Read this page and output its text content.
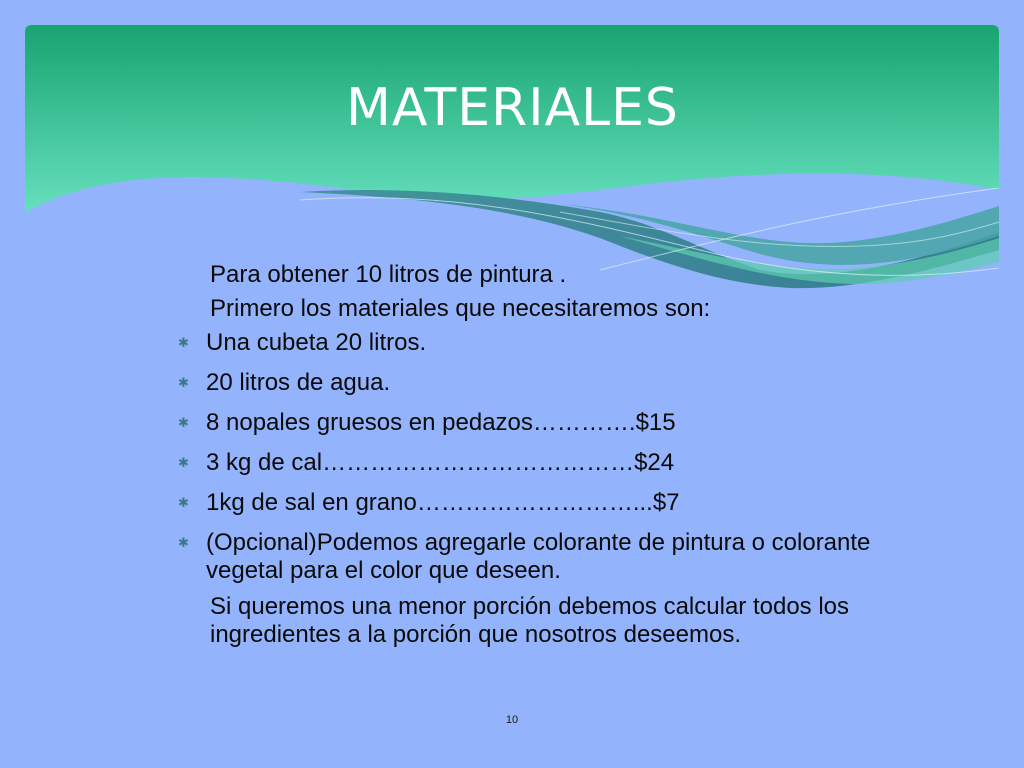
MATERIALES

Para obtener 10 litros de pintura .

Primero los materiales que necesitaremos son:

✱ Una cubeta 20 litros.
✱ 20 litros de agua.
✱ 8 nopales gruesos en pedazos………….$15
✱ 3 kg de cal…………………………………$24
✱ 1kg de sal en grano………………………...$7
✱ (Opcional)Podemos agregarle colorante de pintura o colorante vegetal para el color que deseen.

Si queremos una menor porción debemos calcular todos los ingredientes a la porción que nosotros deseemos.

10
